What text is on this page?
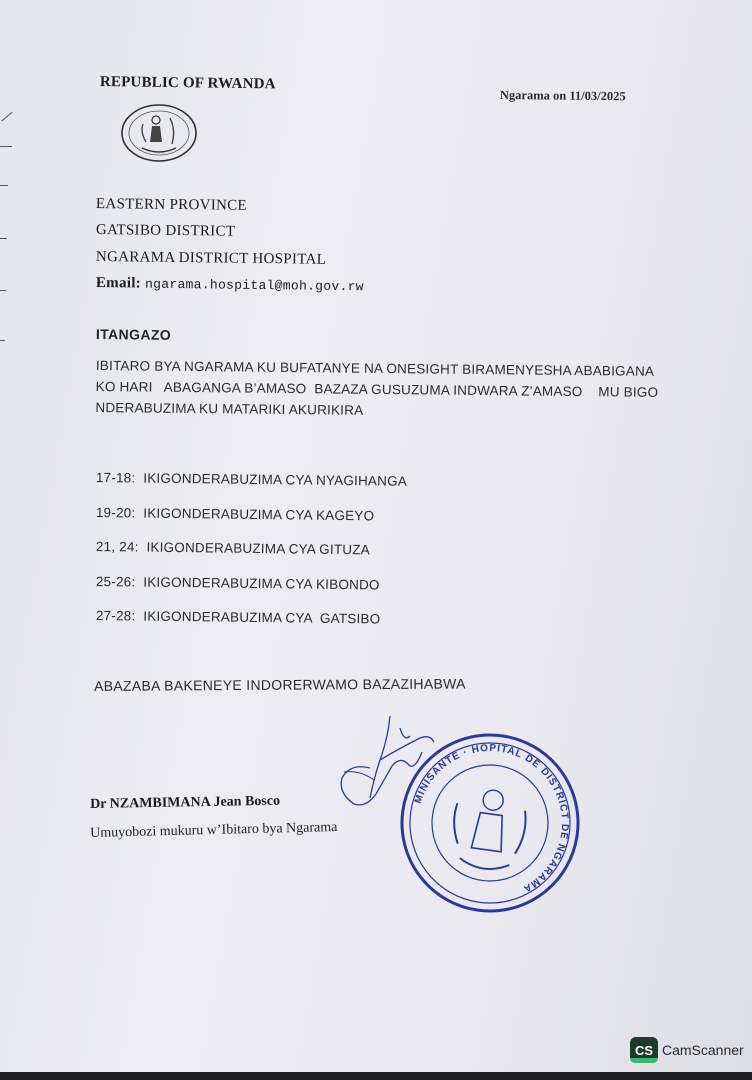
REPUBLIC OF RWANDA
Ngarama on 11/03/2025
EASTERN PROVINCE
GATSIBO DISTRICT
NGARAMA DISTRICT HOSPITAL
Email: ngarama.hospital@moh.gov.rw
ITANGAZO
IBITARO BYA NGARAMA KU BUFATANYE NA ONESIGHT BIRAMENYESHA ABABIGANA
KO HARI   ABAGANGA B’AMASO  BAZAZA GUSUZUMA INDWARA Z’AMASO    MU BIGO
NDERABUZIMA KU MATARIKI AKURIKIRA
17-18: IKIGONDERABUZIMA CYA NYAGIHANGA
19-20: IKIGONDERABUZIMA CYA KAGEYO
21, 24: IKIGONDERABUZIMA CYA GITUZA
25-26: IKIGONDERABUZIMA CYA KIBONDO
27-28: IKIGONDERABUZIMA CYA  GATSIBO
ABAZABA BAKENEYE INDORERWAMO BAZAZIHABWA
MINISANTE · HOPITAL DE DISTRICT DE NGARAMA
Dr NZAMBIMANA Jean Bosco
Umuyobozi mukuru w’Ibitaro bya Ngarama
CS CamScanner
